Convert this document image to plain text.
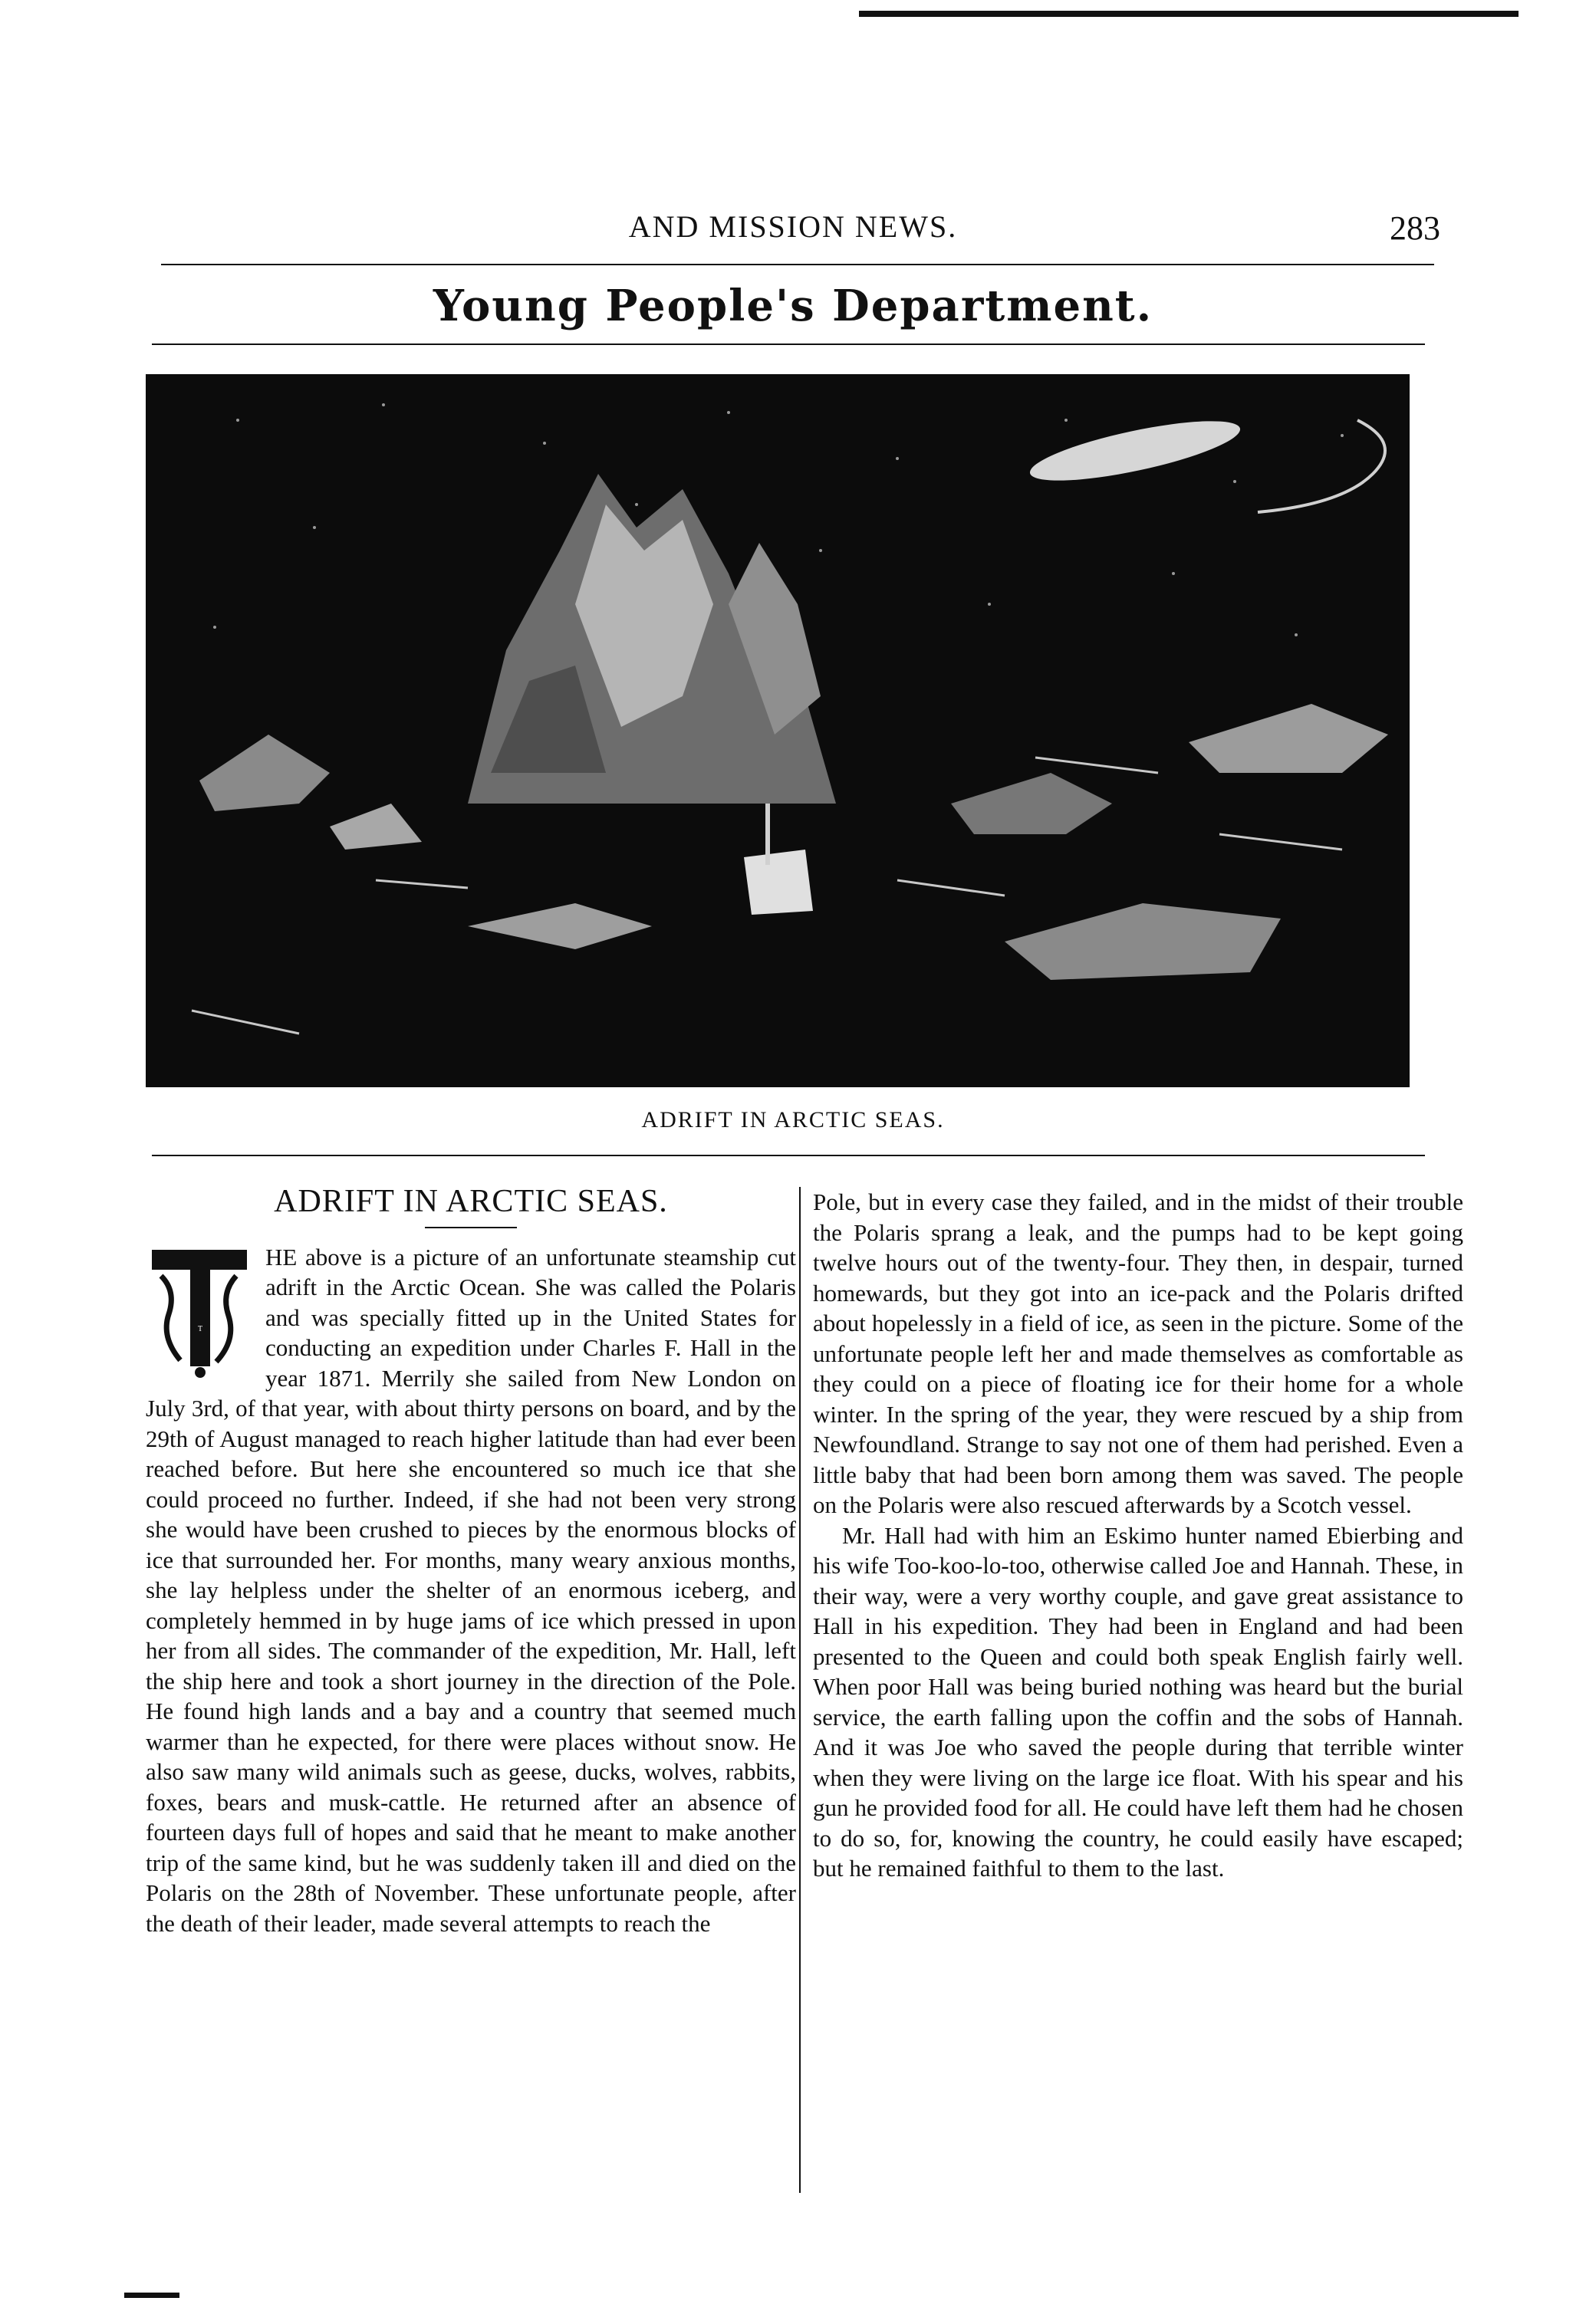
AND MISSION NEWS.	283
Young People's Department.
ADRIFT IN ARCTIC SEAS.
ADRIFT IN ARCTIC SEAS.
T

HE above is a picture of an unfortunate steamship cut adrift in the Arctic Ocean. She was called the Polaris and was specially fitted up in the United States for conducting an expedition under Charles F. Hall in the year 1871. Merrily she sailed from New London on July 3rd, of that year, with about thirty persons on board, and by the 29th of August managed to reach higher latitude than had ever been reached before. But here she encountered so much ice that she could proceed no further. Indeed, if she had not been very strong she would have been crushed to pieces by the enormous blocks of ice that surrounded her. For months, many weary anxious months, she lay helpless under the shelter of an enormous iceberg, and completely hemmed in by huge jams of ice which pressed in upon her from all sides. The commander of the expedition, Mr. Hall, left the ship here and took a short journey in the direction of the Pole. He found high lands and a bay and a country that seemed much warmer than he expected, for there were places without snow. He also saw many wild animals such as geese, ducks, wolves, rabbits, foxes, bears and musk-cattle. He returned after an absence of fourteen days full of hopes and said that he meant to make another trip of the same kind, but he was suddenly taken ill and died on the Polaris on the 28th of November. These unfortunate people, after the death of their leader, made several attempts to reach the

Pole, but in every case they failed, and in the midst of their trouble the Polaris sprang a leak, and the pumps had to be kept going twelve hours out of the twenty-four. They then, in despair, turned homewards, but they got into an ice-pack and the Polaris drifted about hopelessly in a field of ice, as seen in the picture. Some of the unfortunate people left her and made themselves as comfortable as they could on a piece of floating ice for their home for a whole winter. In the spring of the year, they were rescued by a ship from Newfoundland. Strange to say not one of them had perished. Even a little baby that had been born among them was saved. The people on the Polaris were also rescued afterwards by a Scotch vessel.

Mr. Hall had with him an Eskimo hunter named Ebierbing and his wife Too-koo-lo-too, otherwise called Joe and Hannah. These, in their way, were a very worthy couple, and gave great assistance to Hall in his expedition. They had been in England and had been presented to the Queen and could both speak English fairly well. When poor Hall was being buried nothing was heard but the burial service, the earth falling upon the coffin and the sobs of Hannah. And it was Joe who saved the people during that terrible winter when they were living on the large ice float. With his spear and his gun he provided food for all. He could have left them had he chosen to do so, for, knowing the country, he could easily have escaped; but he remained faithful to them to the last.
